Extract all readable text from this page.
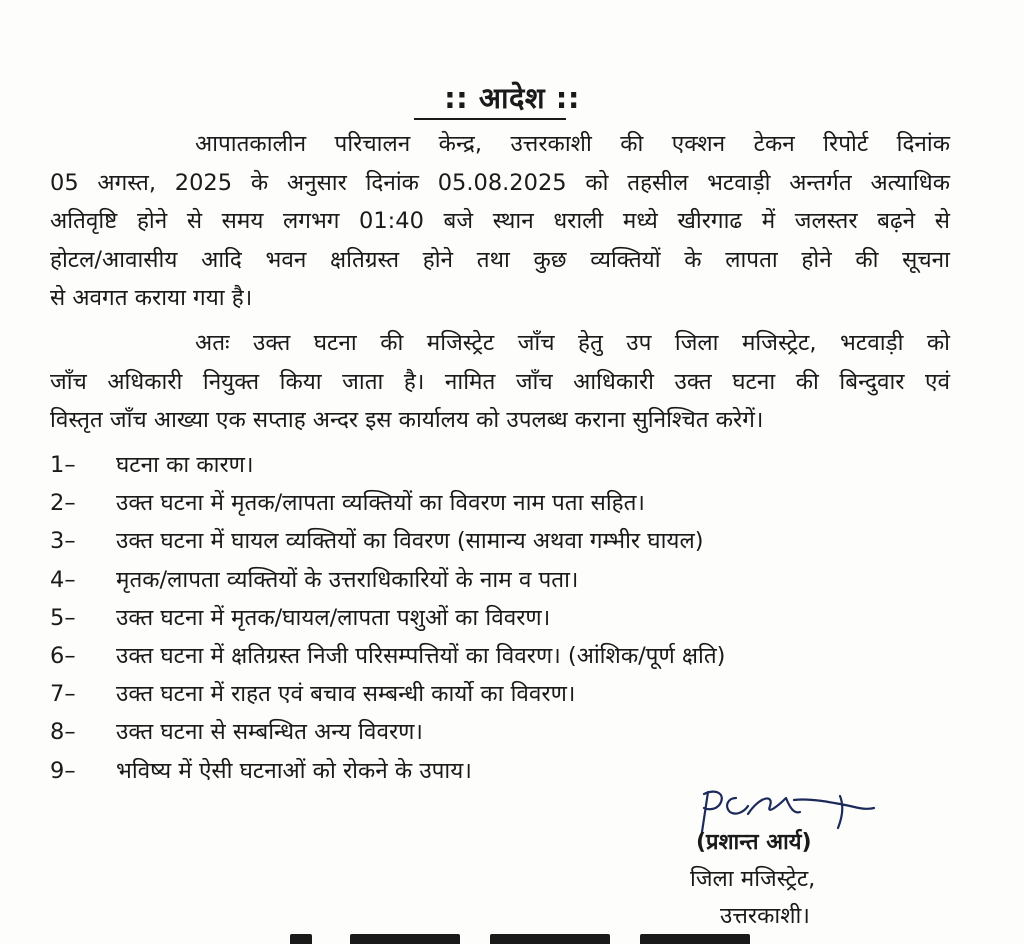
:: आदेश ::
आपातकालीन परिचालन केन्द्र, उत्तरकाशी की एक्शन टेकन रिपोर्ट दिनांक
05 अगस्त, 2025 के अनुसार दिनांक 05.08.2025 को तहसील भटवाड़ी अन्तर्गत अत्याधिक
अतिवृष्टि होने से समय लगभग 01:40 बजे स्थान धराली मध्ये खीरगाढ में जलस्तर बढ़ने से
होटल/आवासीय आदि भवन क्षतिग्रस्त होने तथा कुछ व्यक्तियों के लापता होने की सूचना
से अवगत कराया गया है।
अतः उक्त घटना की मजिस्ट्रेट जाँच हेतु उप जिला मजिस्ट्रेट, भटवाड़ी को
जाँच अधिकारी नियुक्त किया जाता है। नामित जाँच आधिकारी उक्त घटना की बिन्दुवार एवं
विस्तृत जाँच आख्या एक सप्ताह अन्दर इस कार्यालय को उपलब्ध कराना सुनिश्चित करेगें।
1–	घटना का कारण।
2–	उक्त घटना में मृतक/लापता व्यक्तियों का विवरण नाम पता सहित।
3–	उक्त घटना में घायल व्यक्तियों का विवरण (सामान्य अथवा गम्भीर घायल)
4–	मृतक/लापता व्यक्तियों के उत्तराधिकारियों के नाम व पता।
5–	उक्त घटना में मृतक/घायल/लापता पशुओं का विवरण।
6–	उक्त घटना में क्षतिग्रस्त निजी परिसम्पत्तियों का विवरण। (आंशिक/पूर्ण क्षति)
7–	उक्त घटना में राहत एवं बचाव सम्बन्धी कार्यो का विवरण।
8–	उक्त घटना से सम्बन्धित अन्य विवरण।
9–	भविष्य में ऐसी घटनाओं को रोकने के उपाय।
(प्रशान्त आर्य)
जिला मजिस्ट्रेट,
उत्तरकाशी।
